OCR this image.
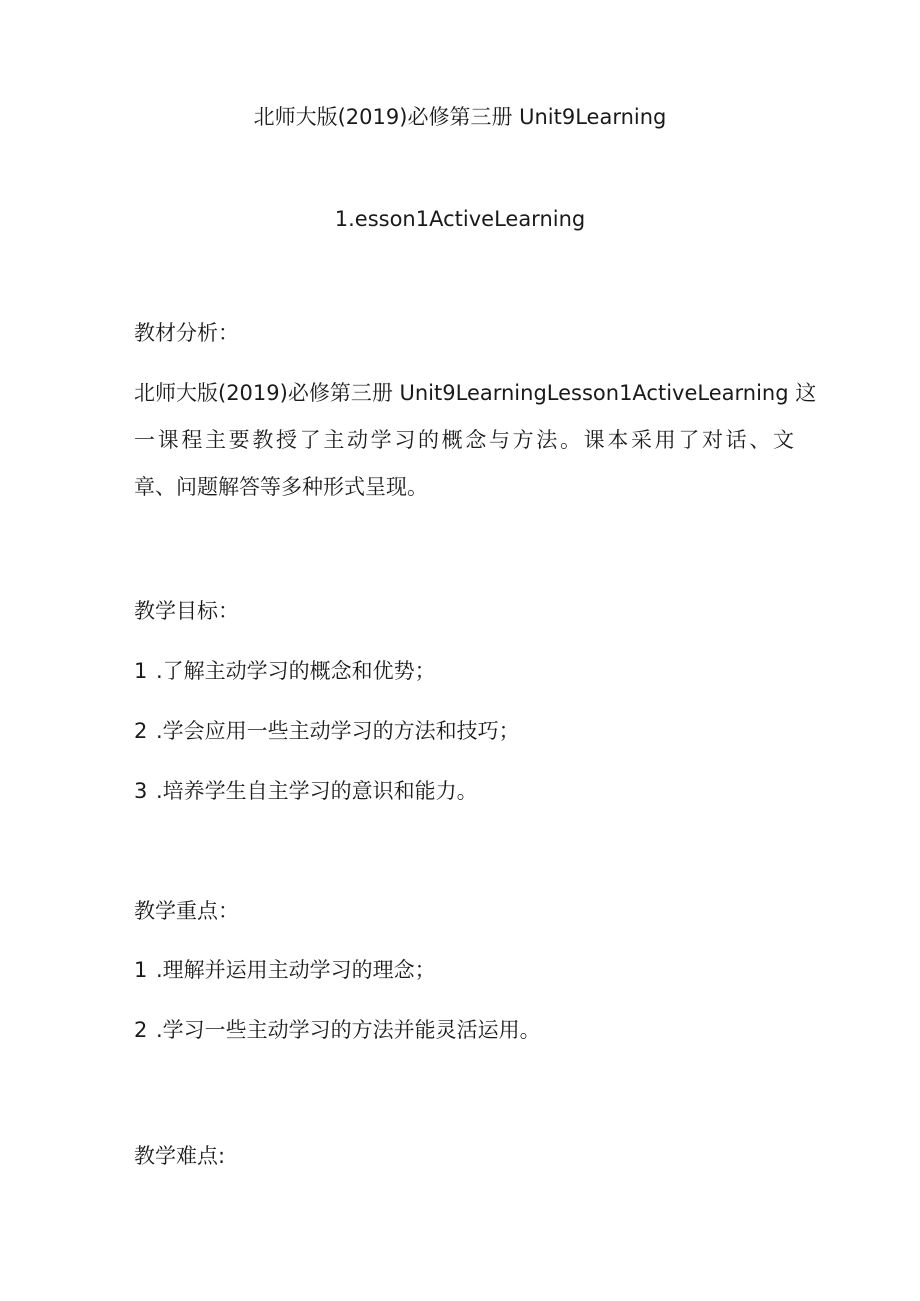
北师大版(2019)必修第三册 Unit9Learning
1.esson1ActiveLearning
教材分析：
北师大版(2019)必修第三册 Unit9LearningLesson1ActiveLearning 这
一课程主要教授了主动学习的概念与方法。课本采用了对话、文
章、问题解答等多种形式呈现。
教学目标：
1 .了解主动学习的概念和优势；
2 .学会应用一些主动学习的方法和技巧；
3 .培养学生自主学习的意识和能力。
教学重点：
1 .理解并运用主动学习的理念；
2 .学习一些主动学习的方法并能灵活运用。
教学难点:
